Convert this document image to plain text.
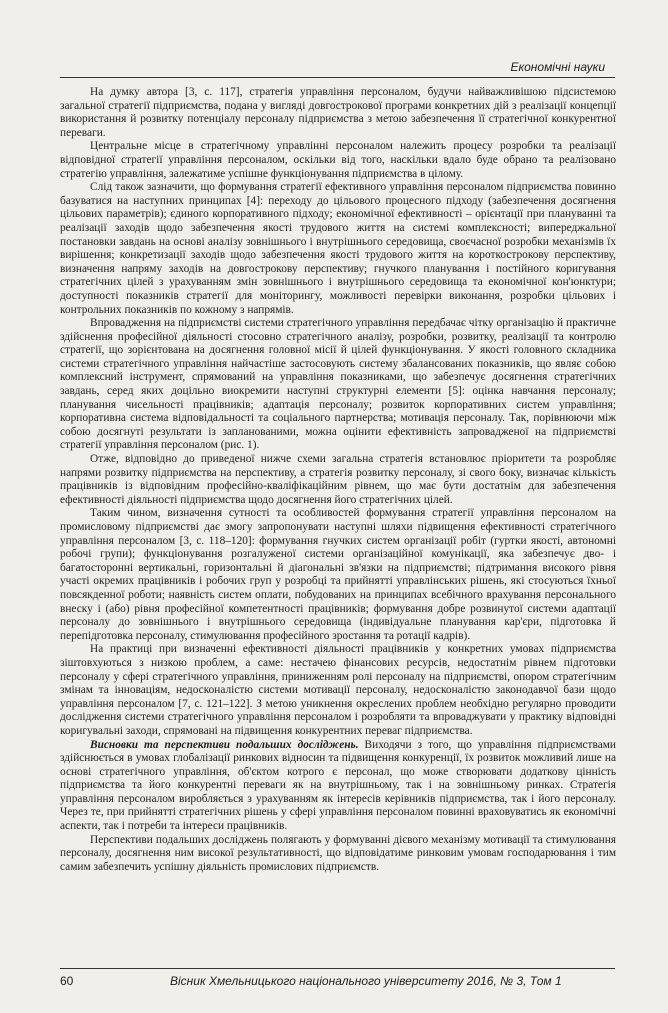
Економічні науки

На думку автора [3, с. 117], стратегія управління персоналом, будучи найважливішою підсистемою загальної стратегії підприємства, подана у вигляді довгострокової програми конкретних дій з реалізації концепції використання й розвитку потенціалу персоналу підприємства з метою забезпечення її стратегічної конкурентної переваги.

Центральне місце в стратегічному управлінні персоналом належить процесу розробки та реалізації відповідної стратегії управління персоналом, оскільки від того, наскільки вдало буде обрано та реалізовано стратегію управління, залежатиме успішне функціонування підприємства в цілому.

Слід також зазначити, що формування стратегії ефективного управління персоналом підприємства повинно базуватися на наступних принципах [4]: переходу до цільового процесного підходу (забезпечення досягнення цільових параметрів); єдиного корпоративного підходу; економічної ефективності – орієнтації при плануванні та реалізації заходів щодо забезпечення якості трудового життя на системі комплексності; випереджальної постановки завдань на основі аналізу зовнішнього і внутрішнього середовища, своєчасної розробки механізмів їх вирішення; конкретизації заходів щодо забезпечення якості трудового життя на короткострокову перспективу, визначення напряму заходів на довгострокову перспективу; гнучкого планування і постійного коригування стратегічних цілей з урахуванням змін зовнішнього і внутрішнього середовища та економічної кон'юнктури; доступності показників стратегії для моніторингу, можливості перевірки виконання, розробки цільових і контрольних показників по кожному з напрямів.

Впровадження на підприємстві системи стратегічного управління передбачає чітку організацію й практичне здійснення професійної діяльності стосовно стратегічного аналізу, розробки, розвитку, реалізації та контролю стратегії, що зорієнтована на досягнення головної місії й цілей функціонування. У якості головного складника системи стратегічного управління найчастіше застосовують систему збалансованих показників, що являє собою комплексний інструмент, спрямований на управління показниками, що забезпечує досягнення стратегічних завдань, серед яких доцільно виокремити наступні структурні елементи [5]: оцінка навчання персоналу; планування чисельності працівників; адаптація персоналу; розвиток корпоративних систем управління; корпоративна система відповідальності та соціального партнерства; мотивація персоналу. Так, порівнюючи між собою досягнуті результати із запланованими, можна оцінити ефективність запровадженої на підприємстві стратегії управління персоналом (рис. 1).

Отже, відповідно до приведеної нижче схеми загальна стратегія встановлює пріоритети та розробляє напрями розвитку підприємства на перспективу, а стратегія розвитку персоналу, зі свого боку, визначає кількість працівників із відповідним професійно-кваліфікаційним рівнем, що має бути достатнім для забезпечення ефективності діяльності підприємства щодо досягнення його стратегічних цілей.

Таким чином, визначення сутності та особливостей формування стратегії управління персоналом на промисловому підприємстві дає змогу запропонувати наступні шляхи підвищення ефективності стратегічного управління персоналом [3, с. 118–120]: формування гнучких систем організації робіт (гуртки якості, автономні робочі групи); функціонування розгалуженої системи організаційної комунікації, яка забезпечує дво- і багатосторонні вертикальні, горизонтальні й діагональні зв'язки на підприємстві; підтримання високого рівня участі окремих працівників і робочих груп у розробці та прийнятті управлінських рішень, які стосуються їхньої повсякденної роботи; наявність систем оплати, побудованих на принципах всебічного врахування персонального внеску і (або) рівня професійної компетентності працівників; формування добре розвинутої системи адаптації персоналу до зовнішнього і внутрішнього середовища (індивідуальне планування кар'єри, підготовка й перепідготовка персоналу, стимулювання професійного зростання та ротації кадрів).

На практиці при визначенні ефективності діяльності працівників у конкретних умовах підприємства зіштовхуються з низкою проблем, а саме: нестачею фінансових ресурсів, недостатнім рівнем підготовки персоналу у сфері стратегічного управління, приниженням ролі персоналу на підприємстві, опором стратегічним змінам та інноваціям, недосконалістю системи мотивації персоналу, недосконалістю законодавчої бази щодо управління персоналом [7, с. 121–122]. З метою уникнення окреслених проблем необхідно регулярно проводити дослідження системи стратегічного управління персоналом і розробляти та впроваджувати у практику відповідні коригувальні заходи, спрямовані на підвищення конкурентних переваг підприємства.

Висновки та перспективи подальших досліджень. Виходячи з того, що управління підприємствами здійснюється в умовах глобалізації ринкових відносин та підвищення конкуренції, їх розвиток можливий лише на основі стратегічного управління, об'єктом котрого є персонал, що може створювати додаткову цінність підприємства та його конкурентні переваги як на внутрішньому, так і на зовнішньому ринках. Стратегія управління персоналом виробляється з урахуванням як інтересів керівників підприємства, так і його персоналу. Через те, при прийнятті стратегічних рішень у сфері управління персоналом повинні враховуватись як економічні аспекти, так і потреби та інтереси працівників.

Перспективи подальших досліджень полягають у формуванні дієвого механізму мотивації та стимулювання персоналу, досягнення ним високої результативності, що відповідатиме ринковим умовам господарювання і тим самим забезпечить успішну діяльність промислових підприємств.

60	Вісник Хмельницького національного університету 2016, № 3, Том 1
